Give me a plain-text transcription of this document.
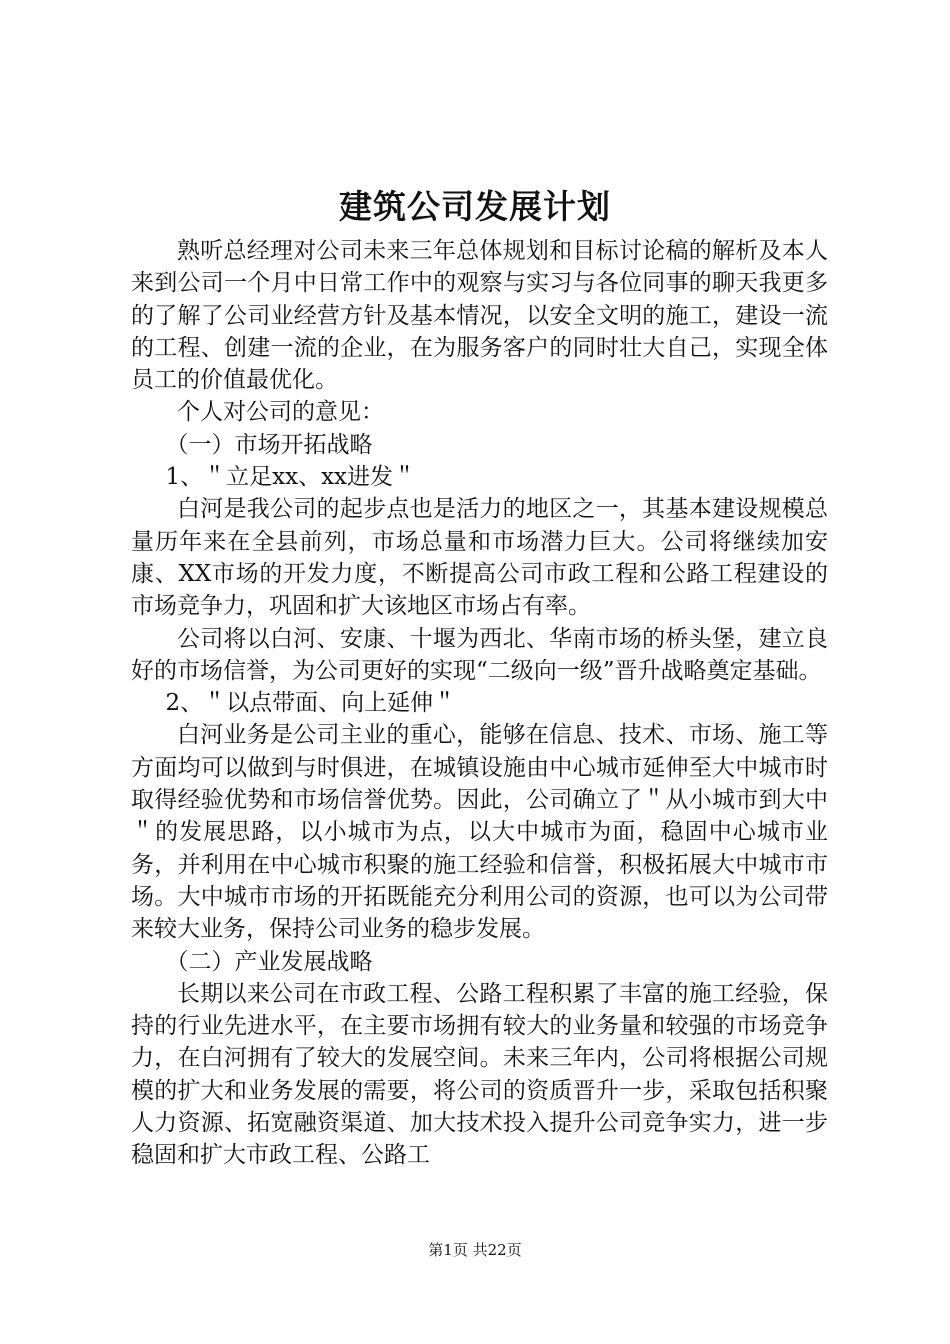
建筑公司发展计划

熟听总经理对公司未来三年总体规划和目标讨论稿的解析及本人来到公司一个月中日常工作中的观察与实习与各位同事的聊天我更多的了解了公司业经营方针及基本情况，以安全文明的施工，建设一流的工程、创建一流的企业，在为服务客户的同时壮大自己，实现全体员工的价值最优化。

个人对公司的意见：

（一）市场开拓战略

1、＂立足xx、xx进发＂

白河是我公司的起步点也是活力的地区之一，其基本建设规模总量历年来在全县前列，市场总量和市场潜力巨大。公司将继续加安康、XX市场的开发力度，不断提高公司市政工程和公路工程建设的市场竞争力，巩固和扩大该地区市场占有率。

公司将以白河、安康、十堰为西北、华南市场的桥头堡，建立良好的市场信誉，为公司更好的实现“二级向一级”晋升战略奠定基础。

2、＂以点带面、向上延伸＂

白河业务是公司主业的重心，能够在信息、技术、市场、施工等方面均可以做到与时俱进，在城镇设施由中心城市延伸至大中城市时取得经验优势和市场信誉优势。因此，公司确立了＂从小城市到大中＂的发展思路，以小城市为点，以大中城市为面，稳固中心城市业务，并利用在中心城市积聚的施工经验和信誉，积极拓展大中城市市场。大中城市市场的开拓既能充分利用公司的资源，也可以为公司带来较大业务，保持公司业务的稳步发展。

（二）产业发展战略

长期以来公司在市政工程、公路工程积累了丰富的施工经验，保持的行业先进水平，在主要市场拥有较大的业务量和较强的市场竞争力，在白河拥有了较大的发展空间。未来三年内，公司将根据公司规模的扩大和业务发展的需要，将公司的资质晋升一步，采取包括积聚人力资源、拓宽融资渠道、加大技术投入提升公司竞争实力，进一步稳固和扩大市政工程、公路工

第1页 共22页
